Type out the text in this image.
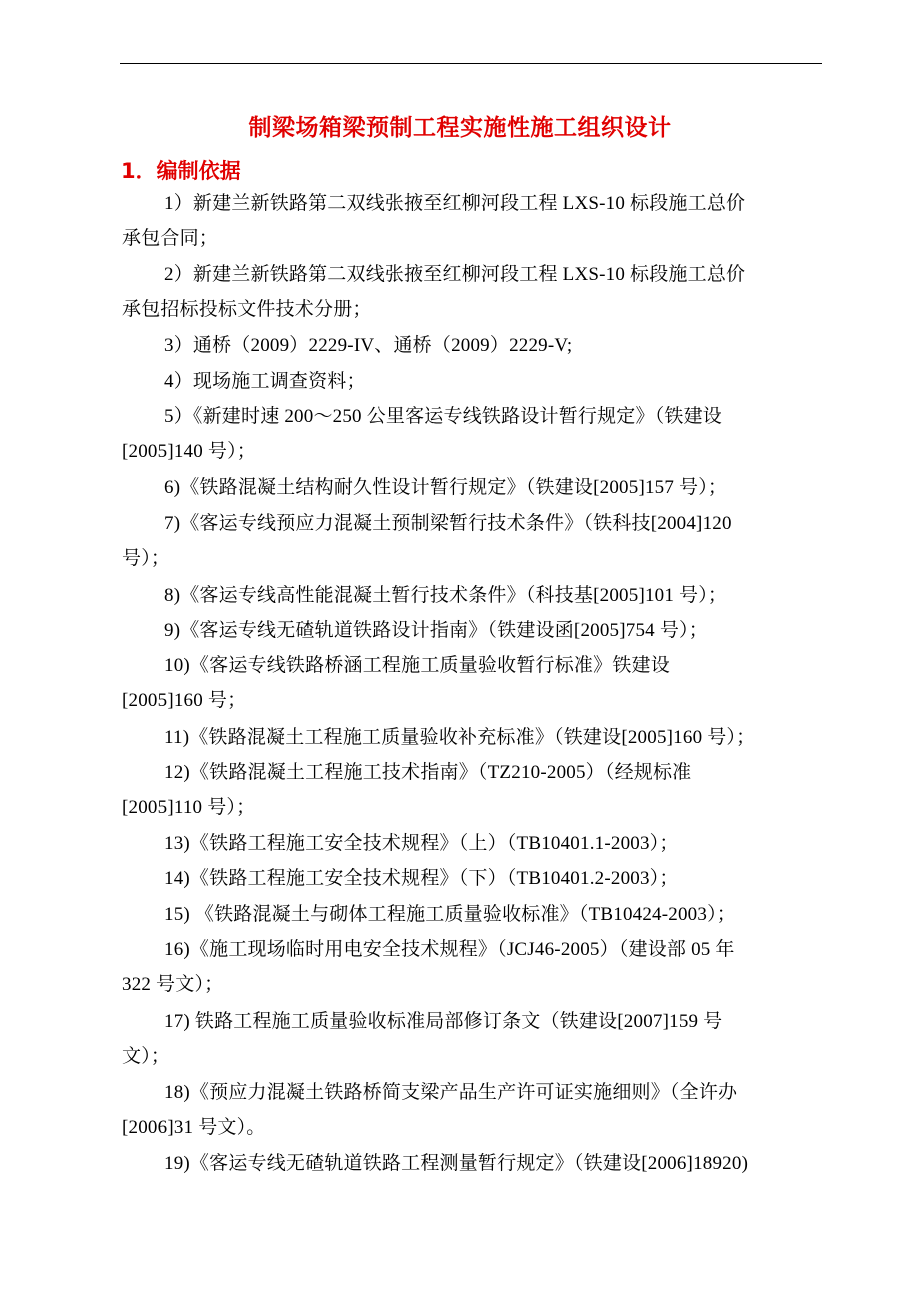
制梁场箱梁预制工程实施性施工组织设计
1．编制依据
1）新建兰新铁路第二双线张掖至红柳河段工程 LXS-10 标段施工总价
承包合同；
2）新建兰新铁路第二双线张掖至红柳河段工程 LXS-10 标段施工总价
承包招标投标文件技术分册；
3）通桥（2009）2229-IV、通桥（2009）2229-V;
4）现场施工调查资料；
5）《新建时速 200～250 公里客运专线铁路设计暂行规定》（铁建设
[2005]140 号）；
6)《铁路混凝土结构耐久性设计暂行规定》（铁建设[2005]157 号）；
7)《客运专线预应力混凝土预制梁暂行技术条件》（铁科技[2004]120
号）；
8)《客运专线高性能混凝土暂行技术条件》（科技基[2005]101 号）；
9)《客运专线无碴轨道铁路设计指南》（铁建设函[2005]754 号）；
10)《客运专线铁路桥涵工程施工质量验收暂行标准》铁建设
[2005]160 号；
11)《铁路混凝土工程施工质量验收补充标准》（铁建设[2005]160 号）；
12)《铁路混凝土工程施工技术指南》（TZ210-2005）（经规标准
[2005]110 号）；
13)《铁路工程施工安全技术规程》（上）（TB10401.1-2003）；
14)《铁路工程施工安全技术规程》（下）（TB10401.2-2003）；
15) 《铁路混凝土与砌体工程施工质量验收标准》（TB10424-2003）；
16)《施工现场临时用电安全技术规程》（JCJ46-2005）（建设部 05 年
322 号文）；
17) 铁路工程施工质量验收标准局部修订条文（铁建设[2007]159 号
文）；
18)《预应力混凝土铁路桥简支梁产品生产许可证实施细则》（全许办
[2006]31 号文）。
19)《客运专线无碴轨道铁路工程测量暂行规定》（铁建设[2006]18920)
